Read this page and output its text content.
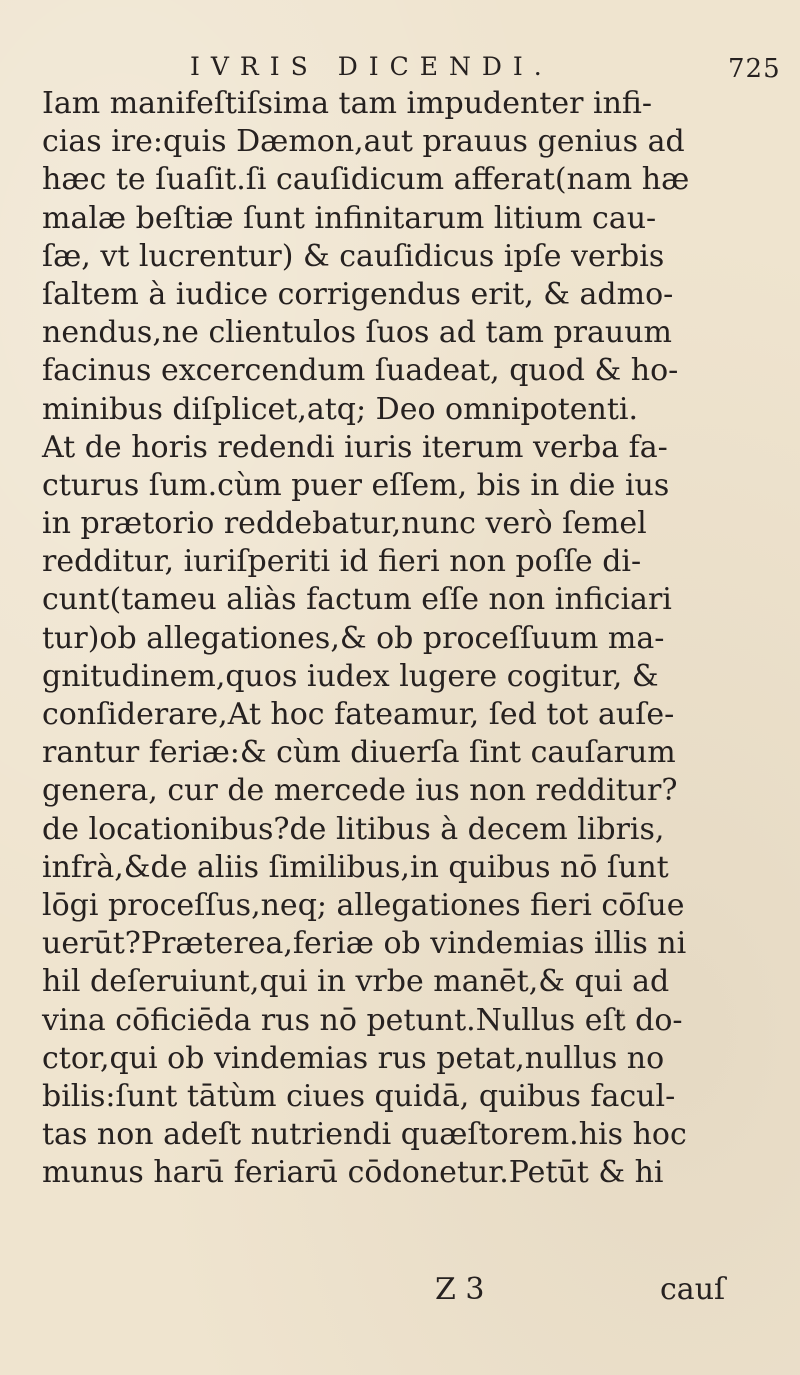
IVRIS DICENDI.	725
Iam manifeſtiſsima tam impudenter infi-
cias ire:quis Dæmon,aut prauus genius ad
hæc te ſuaſit.ſi cauſidicum afferat(nam hæ
malæ beſtiæ ſunt infinitarum litium cau-
ſæ, vt lucrentur) & cauſidicus ipſe verbis
ſaltem à iudice corrigendus erit, & admo-
nendus,ne clientulos ſuos ad tam prauum
facinus excercendum ſuadeat, quod & ho-
minibus diſplicet,atq; Deo omnipotenti.
At de horis redendi iuris iterum verba fa-
cturus ſum.cùm puer eſſem, bis in die ius
in prætorio reddebatur,nunc verò ſemel
redditur, iuriſperiti id fieri non poſſe di-
cunt(tameu aliàs factum eſſe non inficiari
tur)ob allegationes,& ob proceſſuum ma-
gnitudinem,quos iudex lugere cogitur, &
conſiderare,At hoc fateamur, ſed tot auſe-
rantur feriæ:& cùm diuerſa ſint cauſarum
genera, cur de mercede ius non redditur?
de locationibus?de litibus à decem libris,
infrà,&de aliis ſimilibus,in quibus nō ſunt
lōgi proceſſus,neq; allegationes fieri cōſue
uerūt?Præterea,feriæ ob vindemias illis ni
hil deſeruiunt,qui in vrbe manēt,& qui ad
vina cōficiēda rus nō petunt.Nullus eſt do-
ctor,qui ob vindemias rus petat,nullus no
bilis:ſunt tātùm ciues quidā, quibus facul-
tas non adeſt nutriendi quæſtorem.his hoc
munus harū feriarū cōdonetur.Petūt & hi
Z 3	cauſ
